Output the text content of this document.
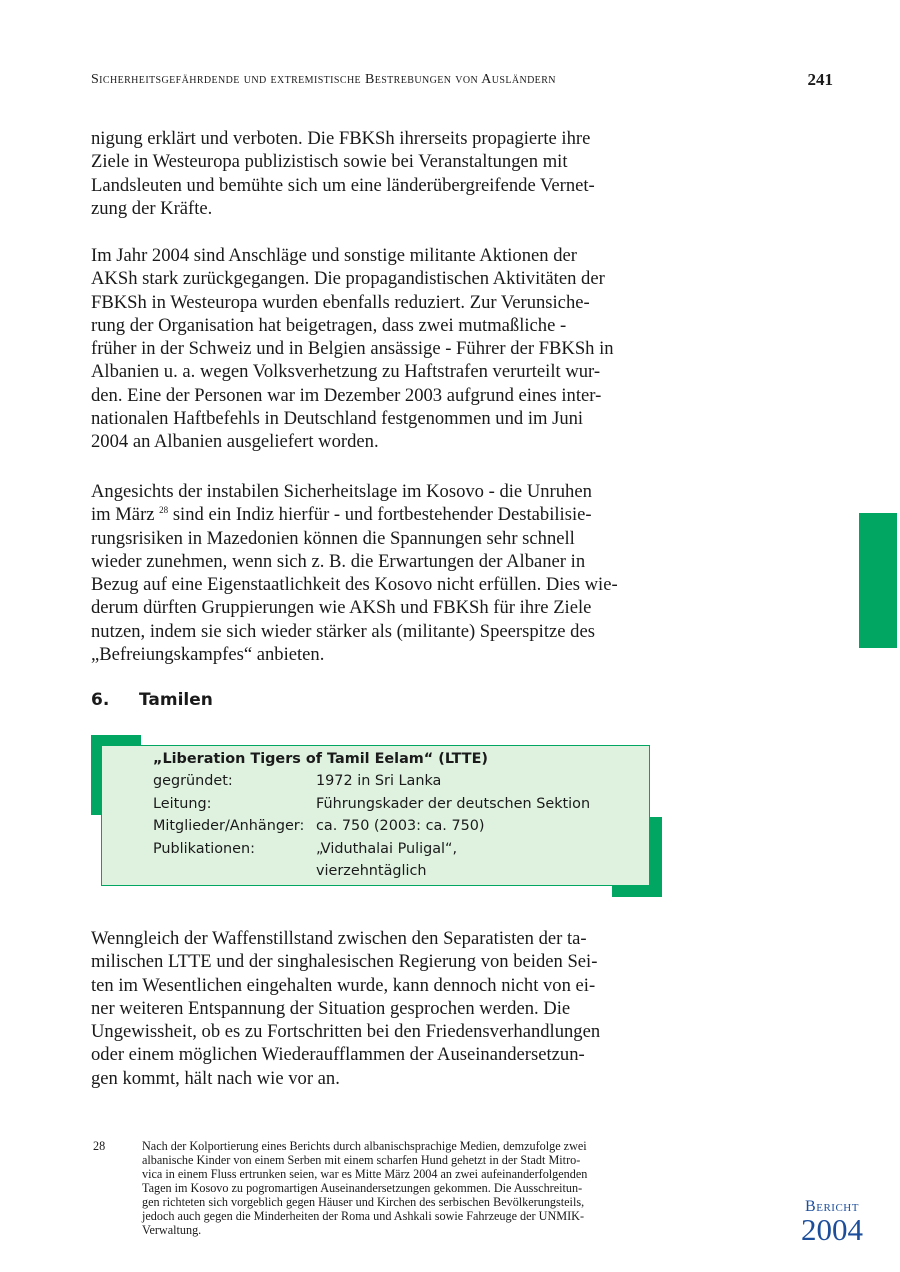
Sicherheitsgefährdende und extremistische Bestrebungen von Ausländern	241
nigung erklärt und verboten. Die FBKSh ihrerseits propagierte ihre
Ziele in Westeuropa publizistisch sowie bei Veranstaltungen mit
Landsleuten und bemühte sich um eine länderübergreifende Vernet-
zung der Kräfte.
Im Jahr 2004 sind Anschläge und sonstige militante Aktionen der
AKSh stark zurückgegangen. Die propagandistischen Aktivitäten der
FBKSh in Westeuropa wurden ebenfalls reduziert. Zur Verunsiche-
rung der Organisation hat beigetragen, dass zwei mutmaßliche -
früher in der Schweiz und in Belgien ansässige - Führer der FBKSh in
Albanien u. a. wegen Volksverhetzung zu Haftstrafen verurteilt wur-
den. Eine der Personen war im Dezember 2003 aufgrund eines inter-
nationalen Haftbefehls in Deutschland festgenommen und im Juni
2004 an Albanien ausgeliefert worden.
Angesichts der instabilen Sicherheitslage im Kosovo - die Unruhen
im März $^{28}$ sind ein Indiz hierfür - und fortbestehender Destabilisie-
rungsrisiken in Mazedonien können die Spannungen sehr schnell
wieder zunehmen, wenn sich z. B. die Erwartungen der Albaner in
Bezug auf eine Eigenstaatlichkeit des Kosovo nicht erfüllen. Dies wie-
derum dürften Gruppierungen wie AKSh und FBKSh für ihre Ziele
nutzen, indem sie sich wieder stärker als (militante) Speerspitze des
„Befreiungskampfes“ anbieten.
6. Tamilen
„Liberation Tigers of Tamil Eelam“ (LTTE)
gegründet:	1972 in Sri Lanka
Leitung:	Führungskader der deutschen Sektion
Mitglieder/Anhänger: ca. 750 (2003: ca. 750)
Publikationen:	„Viduthalai Puligal“,
vierzehntäglich
Wenngleich der Waffenstillstand zwischen den Separatisten der ta-
milischen LTTE und der singhalesischen Regierung von beiden Sei-
ten im Wesentlichen eingehalten wurde, kann dennoch nicht von ei-
ner weiteren Entspannung der Situation gesprochen werden. Die
Ungewissheit, ob es zu Fortschritten bei den Friedensverhandlungen
oder einem möglichen Wiederaufflammen der Auseinandersetzun-
gen kommt, hält nach wie vor an.
28	Nach der Kolportierung eines Berichts durch albanischsprachige Medien, demzufolge zwei
albanische Kinder von einem Serben mit einem scharfen Hund gehetzt in der Stadt Mitro-
vica in einem Fluss ertrunken seien, war es Mitte März 2004 an zwei aufeinanderfolgenden
Tagen im Kosovo zu pogromartigen Auseinandersetzungen gekommen. Die Ausschreitun-
gen richteten sich vorgeblich gegen Häuser und Kirchen des serbischen Bevölkerungsteils,
jedoch auch gegen die Minderheiten der Roma und Ashkali sowie Fahrzeuge der UNMIK-
Verwaltung.
Bericht
2004
